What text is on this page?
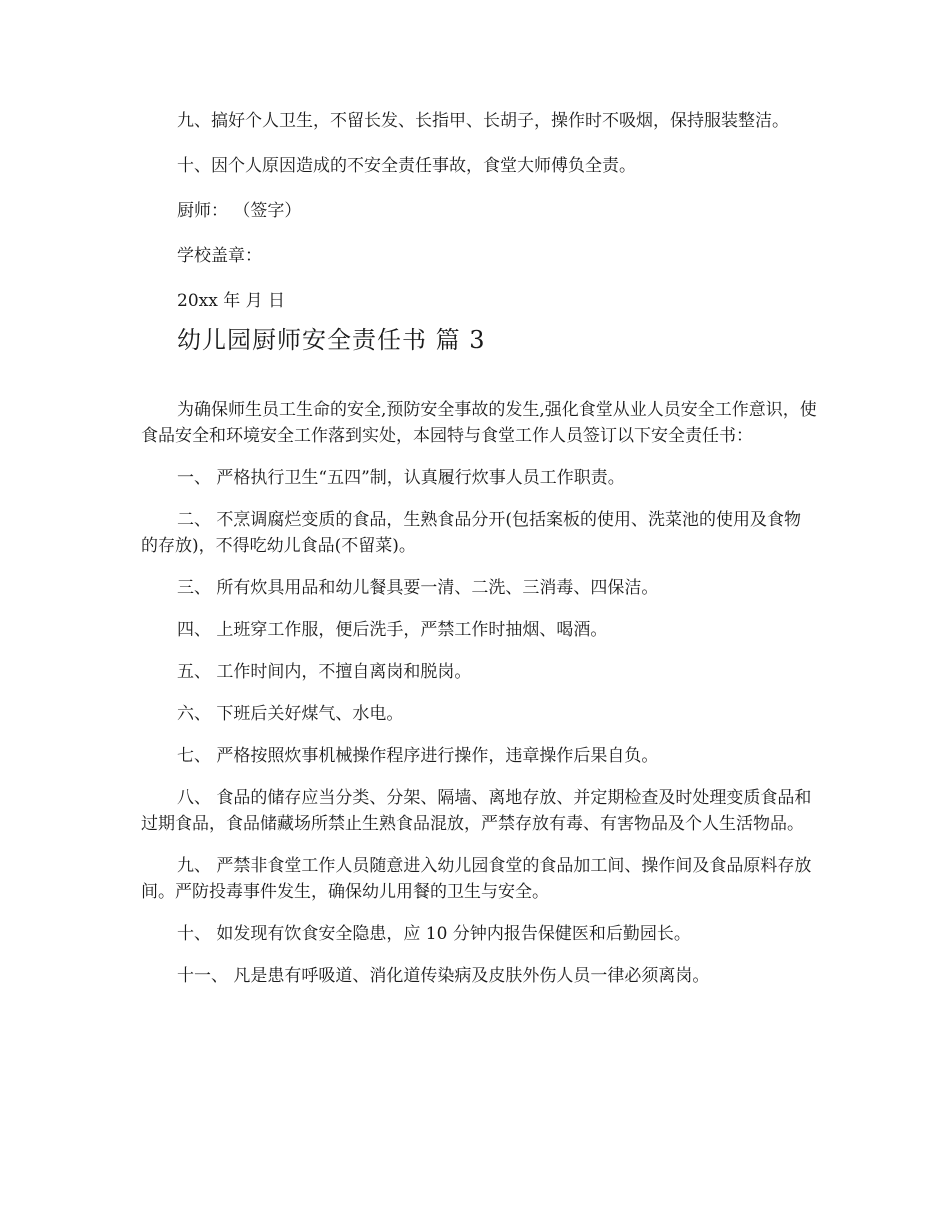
九、搞好个人卫生，不留长发、长指甲、长胡子，操作时不吸烟，保持服装整洁。

十、因个人原因造成的不安全责任事故，食堂大师傅负全责。

厨师： （签字）

学校盖章：

20xx 年 月 日

幼儿园厨师安全责任书 篇 3

为确保师生员工生命的安全,预防安全事故的发生,强化食堂从业人员安全工作意识，使食品安全和环境安全工作落到实处，本园特与食堂工作人员签订以下安全责任书：

一、 严格执行卫生“五四”制，认真履行炊事人员工作职责。

二、 不烹调腐烂变质的食品，生熟食品分开(包括案板的使用、洗菜池的使用及食物的存放)，不得吃幼儿食品(不留菜)。

三、 所有炊具用品和幼儿餐具要一清、二洗、三消毒、四保洁。

四、 上班穿工作服，便后洗手，严禁工作时抽烟、喝酒。

五、 工作时间内，不擅自离岗和脱岗。

六、 下班后关好煤气、水电。

七、 严格按照炊事机械操作程序进行操作，违章操作后果自负。

八、 食品的储存应当分类、分架、隔墙、离地存放、并定期检查及时处理变质食品和过期食品，食品储藏场所禁止生熟食品混放，严禁存放有毒、有害物品及个人生活物品。

九、 严禁非食堂工作人员随意进入幼儿园食堂的食品加工间、操作间及食品原料存放间。严防投毒事件发生，确保幼儿用餐的卫生与安全。

十、 如发现有饮食安全隐患，应 10 分钟内报告保健医和后勤园长。

十一、 凡是患有呼吸道、消化道传染病及皮肤外伤人员一律必须离岗。
